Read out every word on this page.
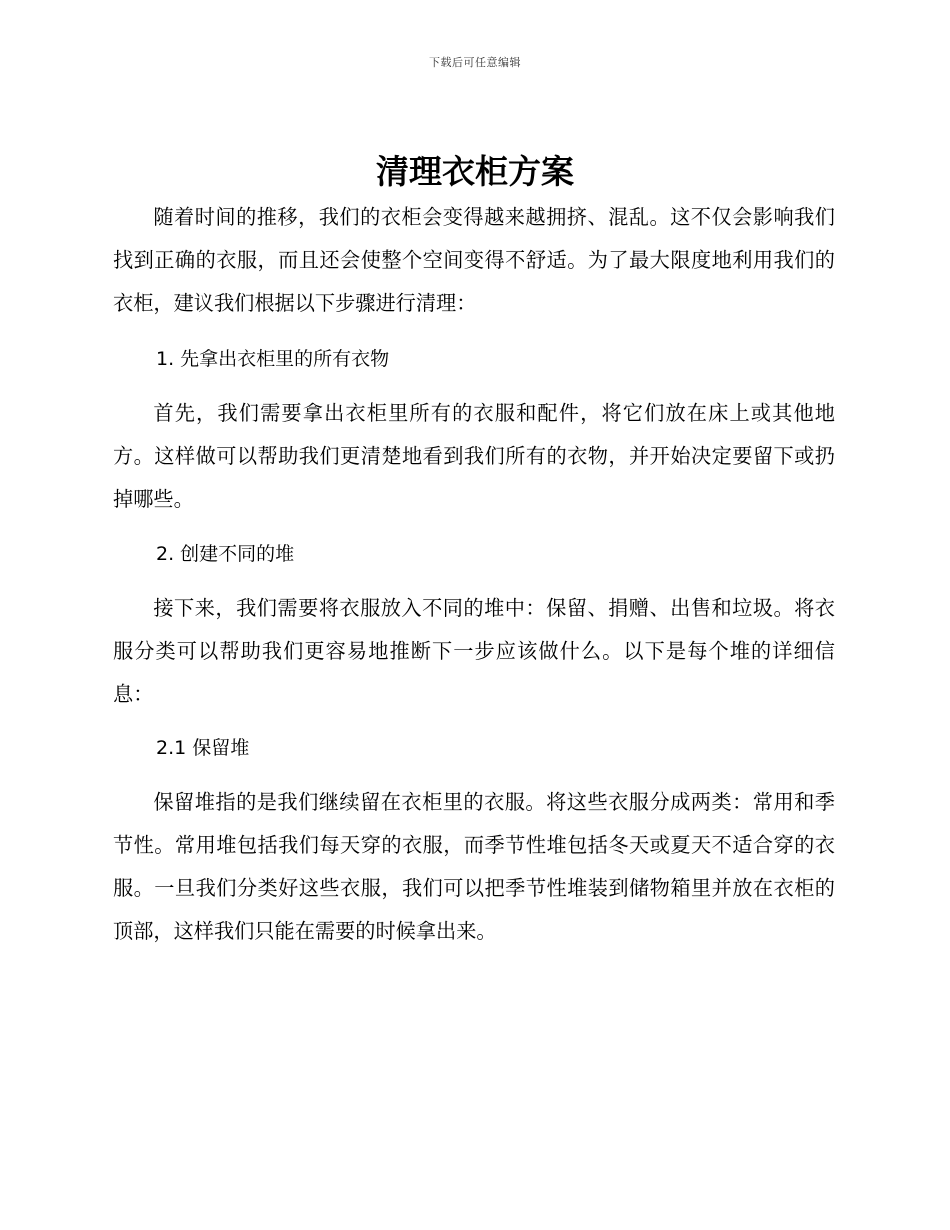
下载后可任意编辑
清理衣柜方案

随着时间的推移，我们的衣柜会变得越来越拥挤、混乱。这不仅会影响我们找到正确的衣服，而且还会使整个空间变得不舒适。为了最大限度地利用我们的衣柜，建议我们根据以下步骤进行清理：

1. 先拿出衣柜里的所有衣物

首先，我们需要拿出衣柜里所有的衣服和配件，将它们放在床上或其他地方。这样做可以帮助我们更清楚地看到我们所有的衣物，并开始决定要留下或扔掉哪些。

2. 创建不同的堆

接下来，我们需要将衣服放入不同的堆中：保留、捐赠、出售和垃圾。将衣服分类可以帮助我们更容易地推断下一步应该做什么。以下是每个堆的详细信息：

2.1 保留堆

保留堆指的是我们继续留在衣柜里的衣服。将这些衣服分成两类：常用和季节性。常用堆包括我们每天穿的衣服，而季节性堆包括冬天或夏天不适合穿的衣服。一旦我们分类好这些衣服，我们可以把季节性堆装到储物箱里并放在衣柜的顶部，这样我们只能在需要的时候拿出来。
